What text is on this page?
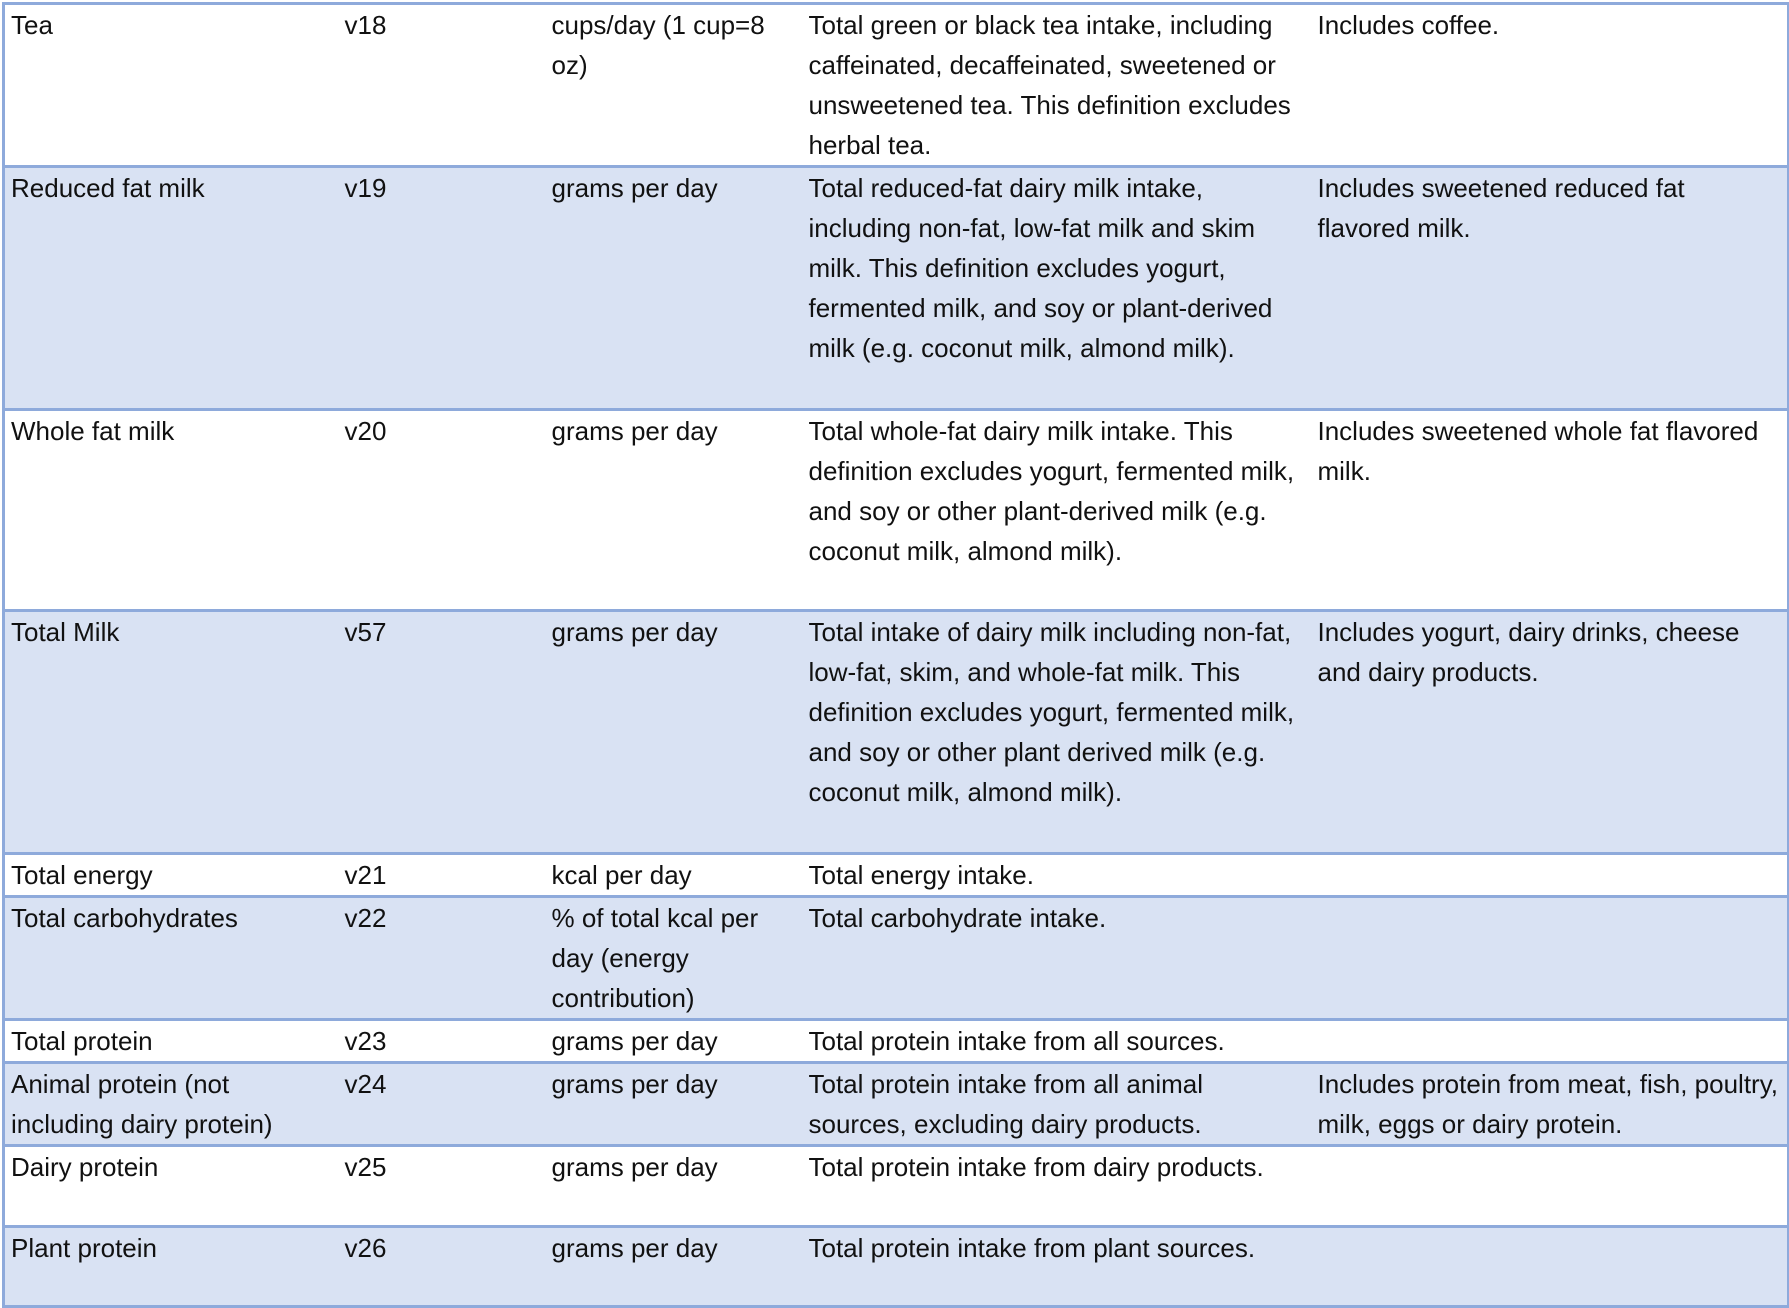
Tea	v18	cups/day (1 cup=8 oz)	Total green or black tea intake, including caffeinated, decaffeinated, sweetened or unsweetened tea. This definition excludes herbal tea.	Includes coffee.
Reduced fat milk	v19	grams per day	Total reduced-fat dairy milk intake, including non-fat, low-fat milk and skim milk. This definition excludes yogurt, fermented milk, and soy or plant-derived milk (e.g. coconut milk, almond milk).	Includes sweetened reduced fat flavored milk.
Whole fat milk	v20	grams per day	Total whole-fat dairy milk intake. This definition excludes yogurt, fermented milk, and soy or other plant-derived milk (e.g. coconut milk, almond milk).	Includes sweetened whole fat flavored milk.
Total Milk	v57	grams per day	Total intake of dairy milk including non-fat, low-fat, skim, and whole-fat milk. This definition excludes yogurt, fermented milk, and soy or other plant derived milk (e.g. coconut milk, almond milk).	Includes yogurt, dairy drinks, cheese and dairy products.
Total energy	v21	kcal per day	Total energy intake.	
Total carbohydrates	v22	% of total kcal per day (energy contribution)	Total carbohydrate intake.	
Total protein	v23	grams per day	Total protein intake from all sources.	
Animal protein (not including dairy protein)	v24	grams per day	Total protein intake from all animal sources, excluding dairy products.	Includes protein from meat, fish, poultry, milk, eggs or dairy protein.
Dairy protein	v25	grams per day	Total protein intake from dairy products.	
Plant protein	v26	grams per day	Total protein intake from plant sources.	
